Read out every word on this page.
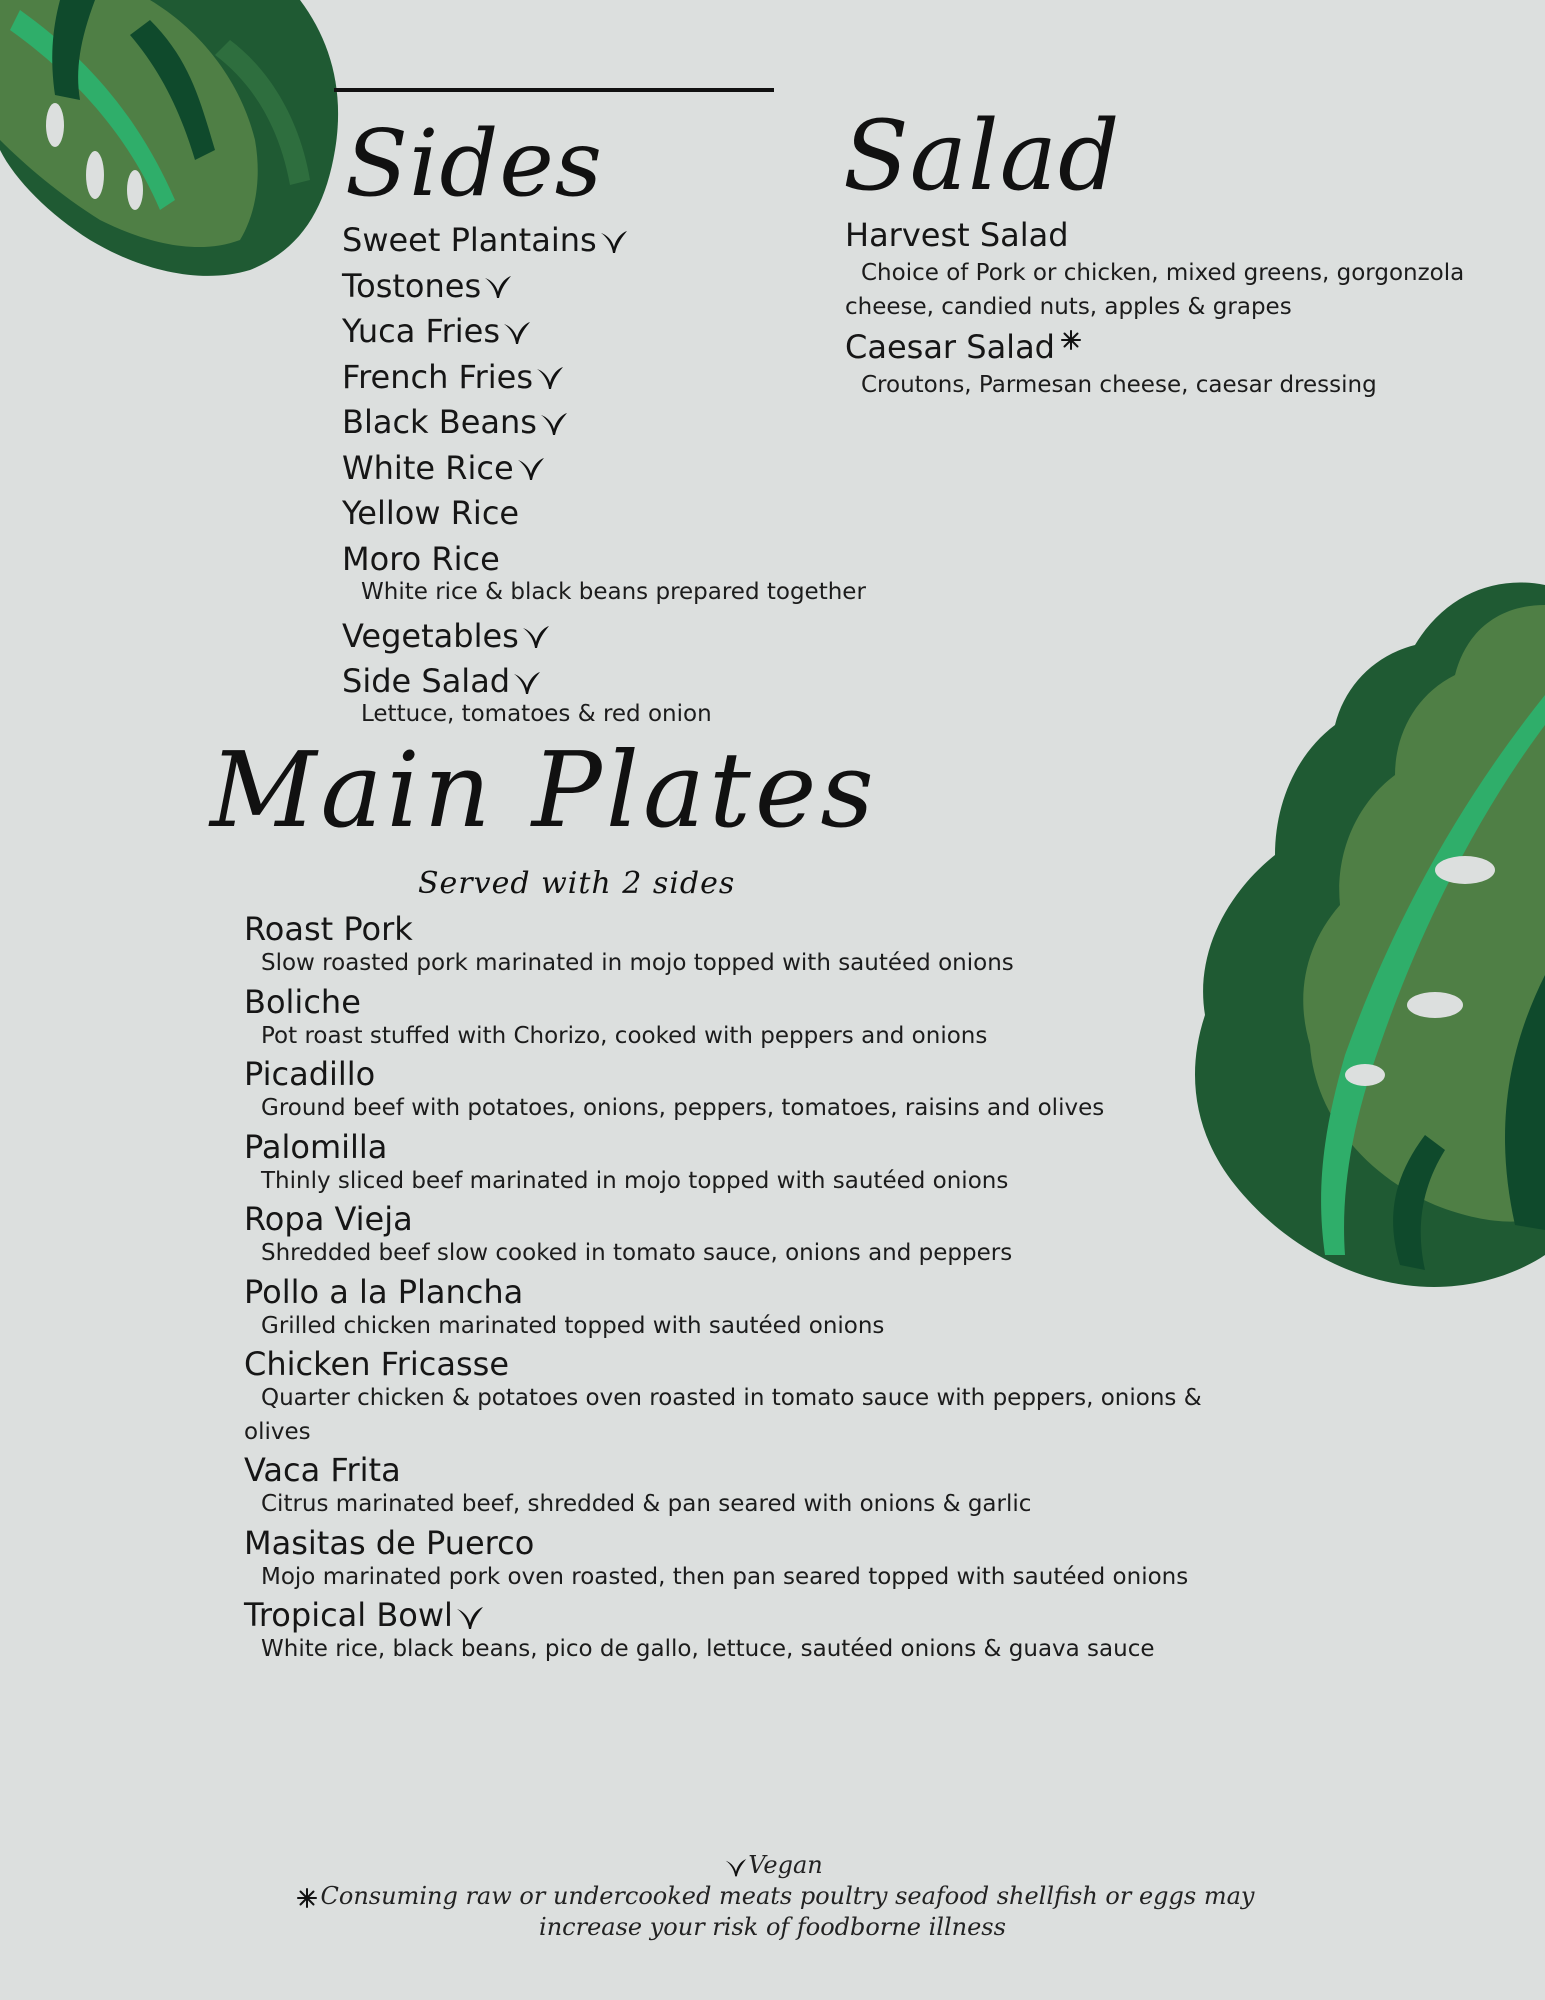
Sides
Sweet Plantains
Tostones
Yuca Fries
French Fries
Black Beans
White Rice
Yellow Rice
Moro Rice
White rice & black beans prepared together
Vegetables
Side Salad
Lettuce, tomatoes & red onion
Salad
Harvest Salad
Choice of Pork or chicken, mixed greens, gorgonzola cheese, candied nuts, apples & grapes
Caesar Salad
Croutons, Parmesan cheese, caesar dressing
Main Plates
Served with 2 sides
Roast Pork
Slow roasted pork marinated in mojo topped with sautéed onions
Boliche
Pot roast stuffed with Chorizo, cooked with peppers and onions
Picadillo
Ground beef with potatoes, onions, peppers, tomatoes, raisins and olives
Palomilla
Thinly sliced beef marinated in mojo topped with sautéed onions
Ropa Vieja
Shredded beef slow cooked in tomato sauce, onions and peppers
Pollo a la Plancha
Grilled chicken marinated topped with sautéed onions
Chicken Fricasse
Quarter chicken & potatoes oven roasted in tomato sauce with peppers, onions & olives
Vaca Frita
Citrus marinated beef, shredded & pan seared with onions & garlic
Masitas de Puerco
Mojo marinated pork oven roasted, then pan seared topped with sautéed onions
Tropical Bowl
White rice, black beans, pico de gallo, lettuce, sautéed onions & guava sauce
Vegan
Consuming raw or undercooked meats poultry seafood shellfish or eggs may
increase your risk of foodborne illness
